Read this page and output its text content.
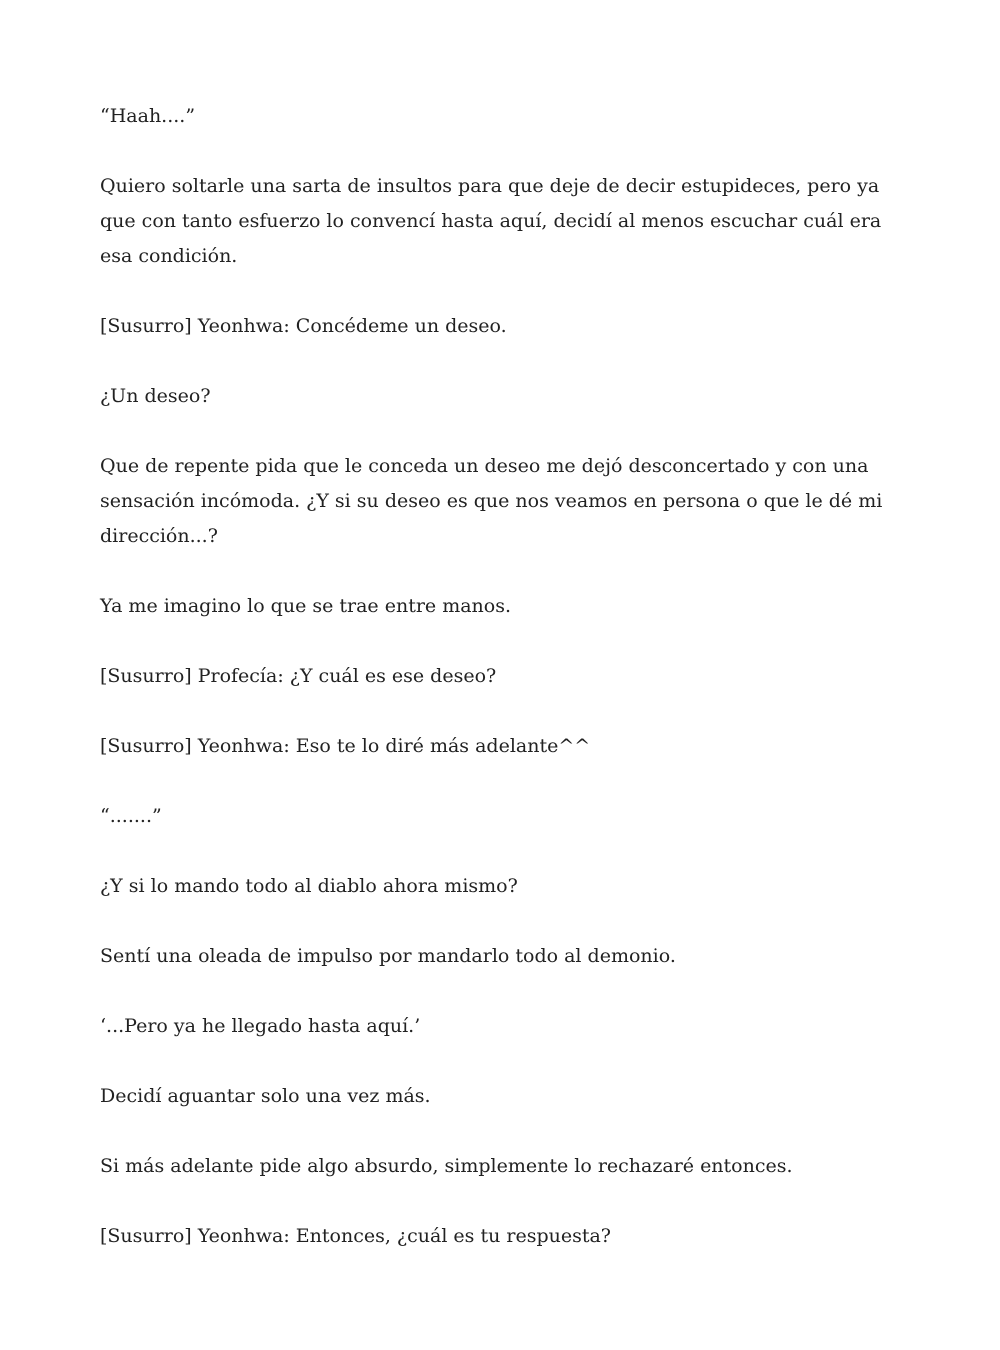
“Haah....”

Quiero soltarle una sarta de insultos para que deje de decir estupideces, pero ya que con tanto esfuerzo lo convencí hasta aquí, decidí al menos escuchar cuál era esa condición.

[Susurro] Yeonhwa: Concédeme un deseo.

¿Un deseo?

Que de repente pida que le conceda un deseo me dejó desconcertado y con una sensación incómoda. ¿Y si su deseo es que nos veamos en persona o que le dé mi dirección...?

Ya me imagino lo que se trae entre manos.

[Susurro] Profecía: ¿Y cuál es ese deseo?

[Susurro] Yeonhwa: Eso te lo diré más adelante^^

“.......”

¿Y si lo mando todo al diablo ahora mismo?

Sentí una oleada de impulso por mandarlo todo al demonio.

‘...Pero ya he llegado hasta aquí.’

Decidí aguantar solo una vez más.

Si más adelante pide algo absurdo, simplemente lo rechazaré entonces.

[Susurro] Yeonhwa: Entonces, ¿cuál es tu respuesta?
